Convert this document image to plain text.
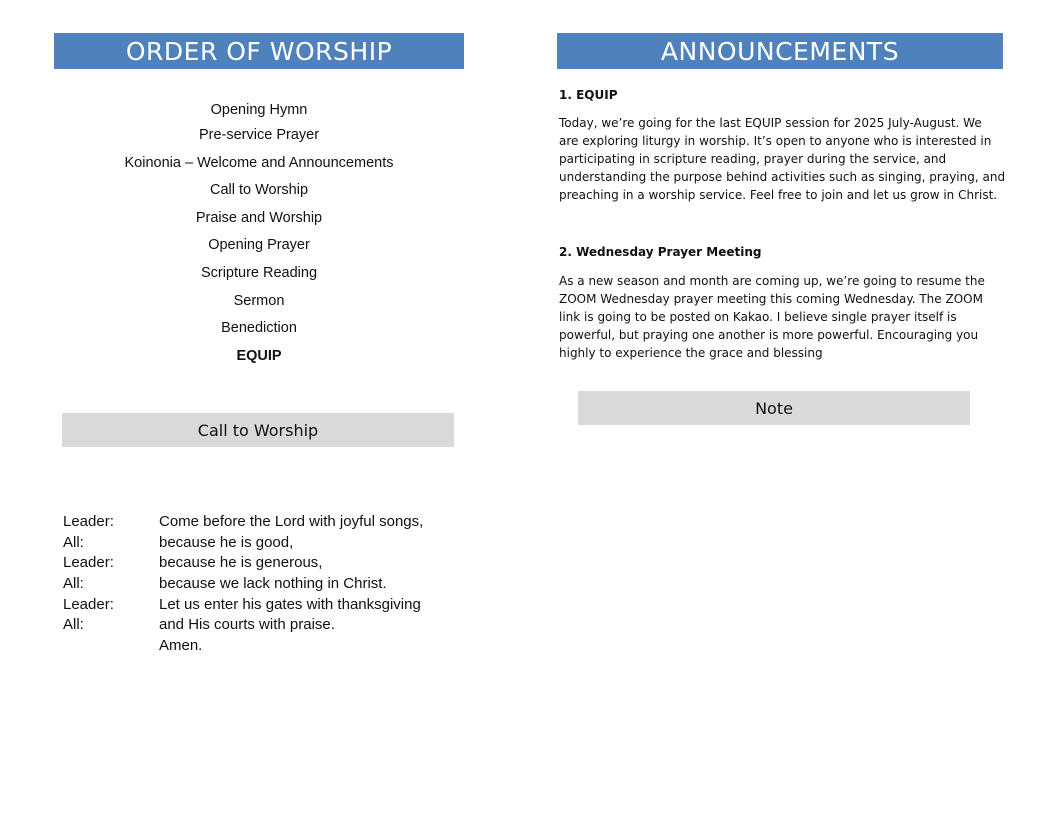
ORDER OF WORSHIP
Opening Hymn
Pre-service Prayer
Koinonia – Welcome and Announcements
Call to Worship
Praise and Worship
Opening Prayer
Scripture Reading
Sermon
Benediction
EQUIP
Call to Worship
Leader:	Come before the Lord with joyful songs,
All:	because he is good,
Leader:	because he is generous,
All:	because we lack nothing in Christ.
Leader:	Let us enter his gates with thanksgiving
All:	and His courts with praise.
Amen.
ANNOUNCEMENTS
1. EQUIP
Today, we’re going for the last EQUIP session for 2025 July-August. We
are exploring liturgy in worship. It’s open to anyone who is interested in
participating in scripture reading, prayer during the service, and
understanding the purpose behind activities such as singing, praying, and
preaching in a worship service. Feel free to join and let us grow in Christ.
2. Wednesday Prayer Meeting
As a new season and month are coming up, we’re going to resume the
ZOOM Wednesday prayer meeting this coming Wednesday. The ZOOM
link is going to be posted on Kakao. I believe single prayer itself is
powerful, but praying one another is more powerful. Encouraging you
highly to experience the grace and blessing
Note
